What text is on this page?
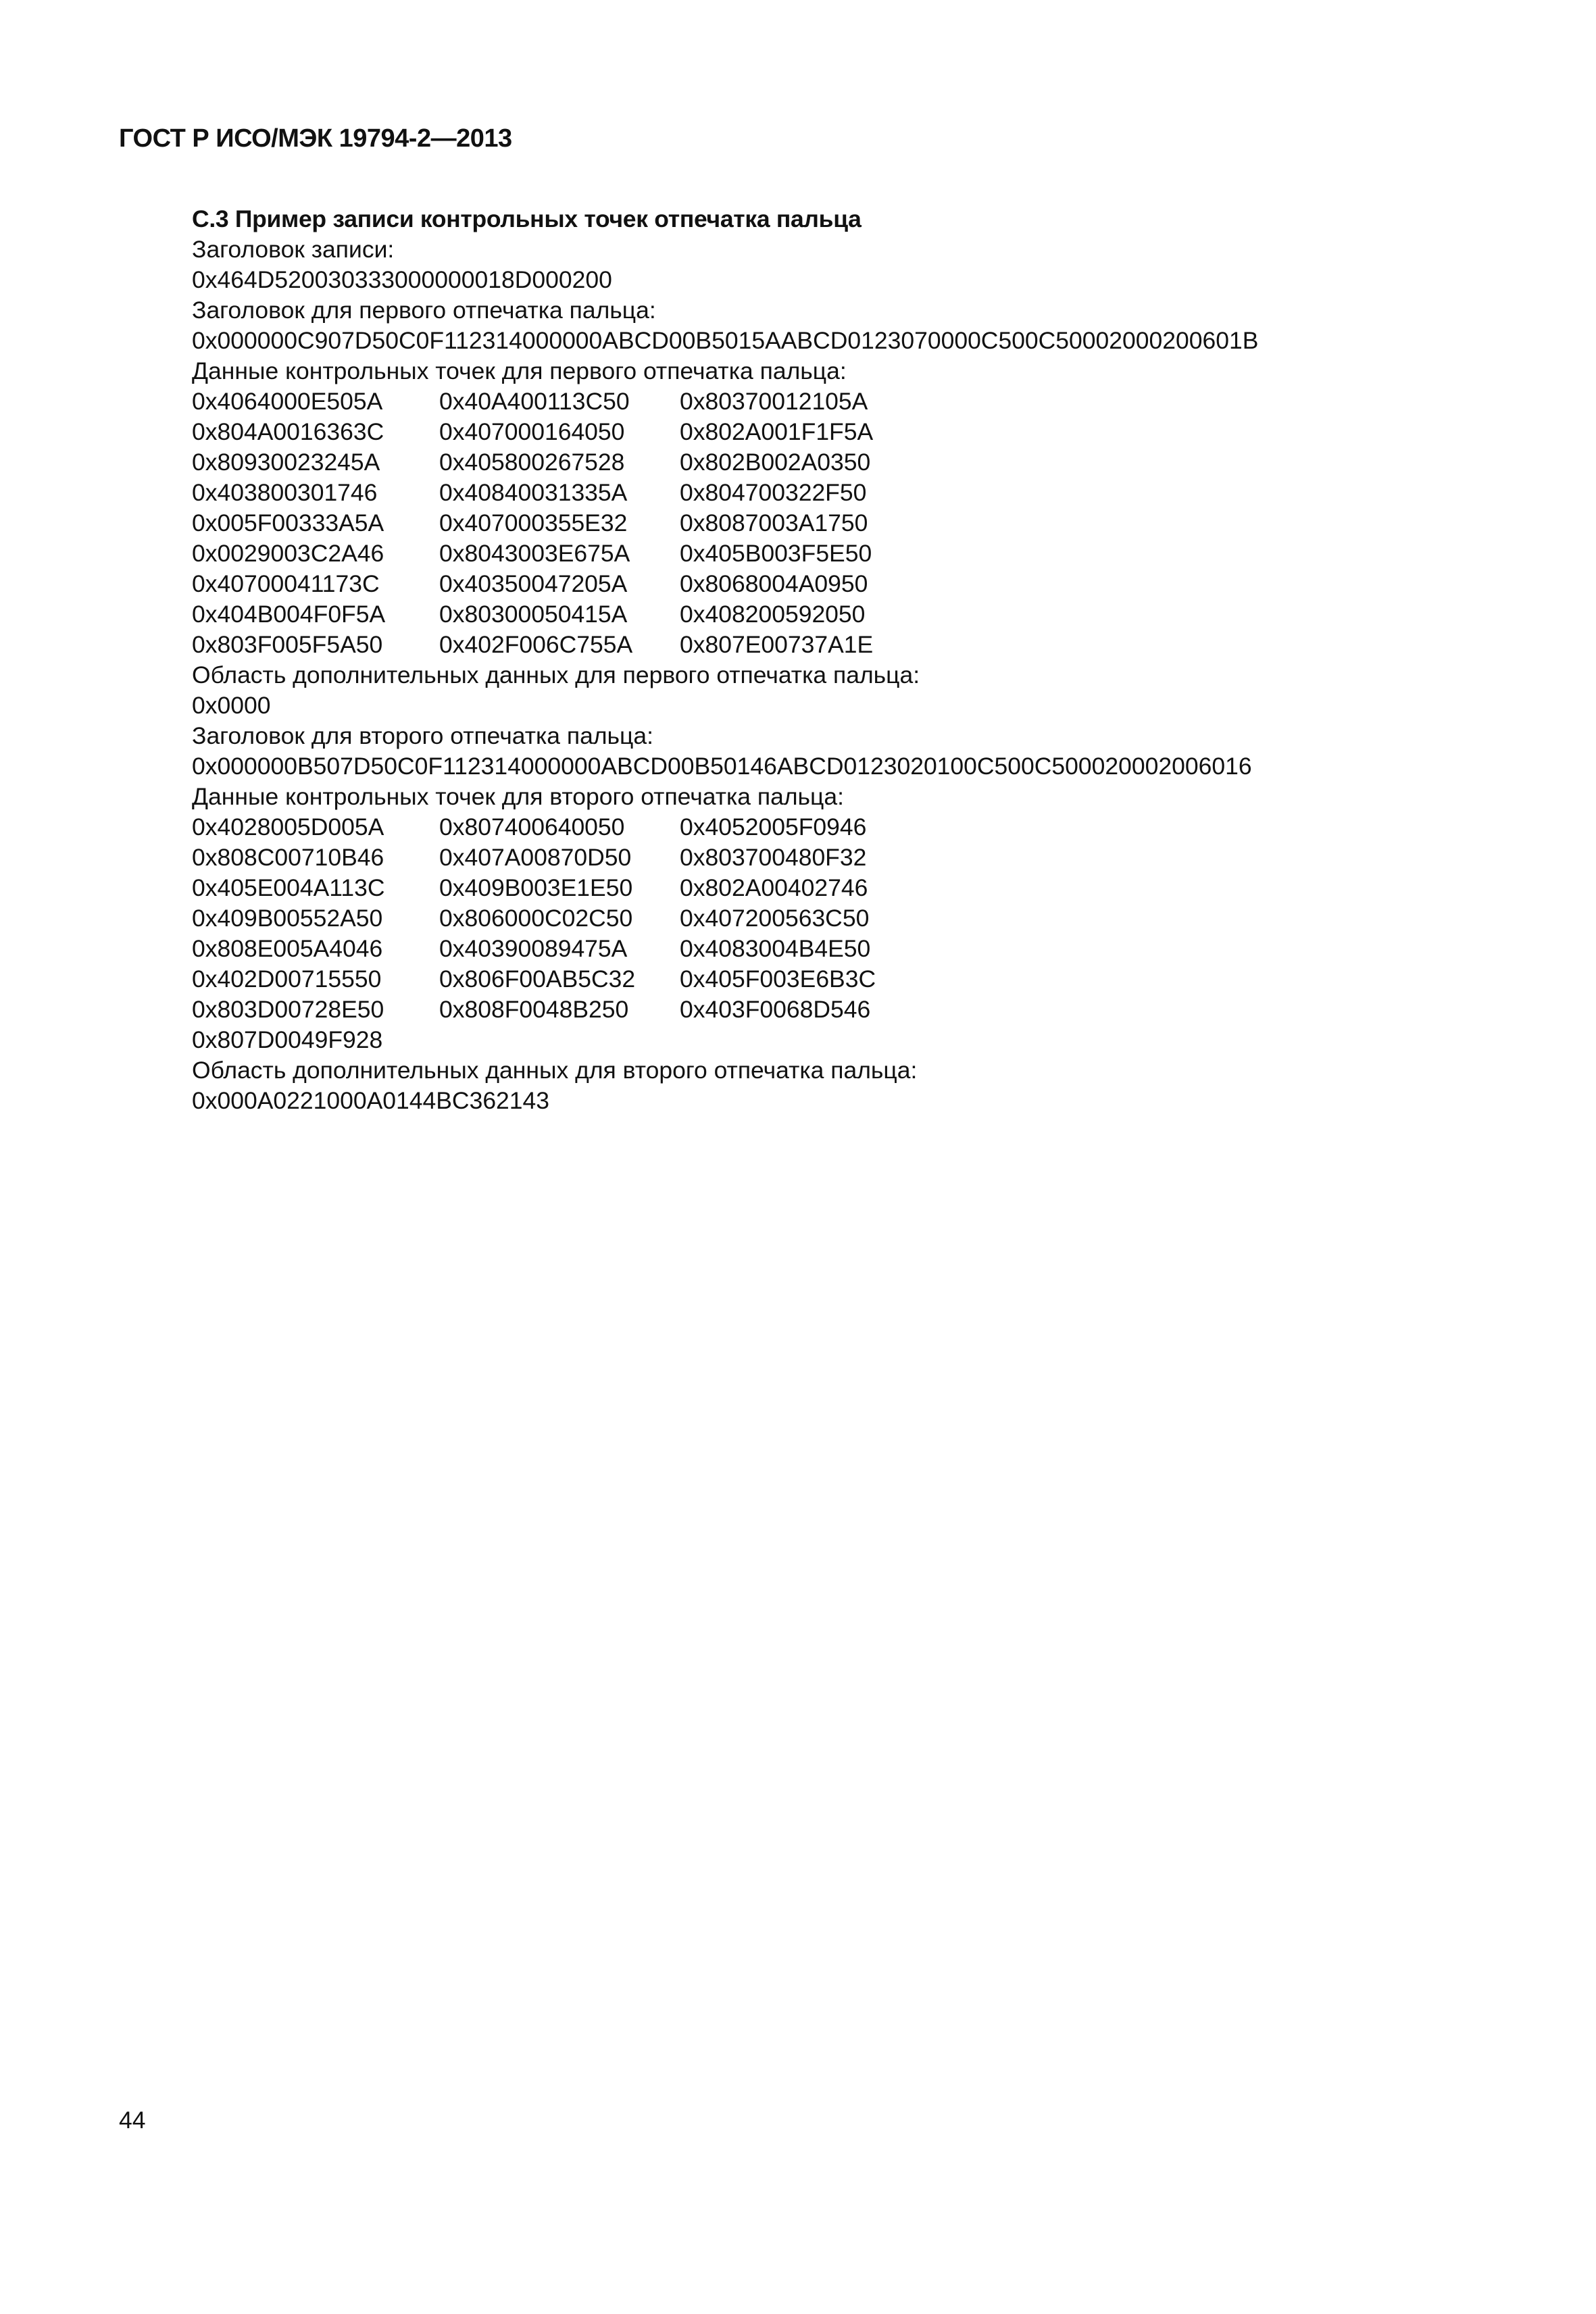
ГОСТ Р ИСО/МЭК 19794-2—2013
С.3 Пример записи контрольных точек отпечатка пальца
Заголовок записи:
0x464D520030333000000018D000200
Заголовок для первого отпечатка пальца:
0x000000C907D50C0F112314000000ABCD00B5015AABCD0123070000C500C50002000200601B
Данные контрольных точек для первого отпечатка пальца:
0x4064000E505A	0x40A400113C50	0x80370012105A
0x804A0016363C	0x407000164050	0x802A001F1F5A
0x80930023245A	0x405800267528	0x802B002A0350
0x403800301746	0x40840031335A	0x804700322F50
0x005F00333A5A	0x407000355E32	0x8087003A1750
0x0029003C2A46	0x8043003E675A	0x405B003F5E50
0x40700041173C	0x40350047205A	0x8068004A0950
0x404B004F0F5A	0x80300050415A	0x408200592050
0x803F005F5A50	0x402F006C755A	0x807E00737A1E
Область дополнительных данных для первого отпечатка пальца:
0x0000
Заголовок для второго отпечатка пальца:
0x000000B507D50C0F112314000000ABCD00B50146ABCD0123020100C500C500020002006016
Данные контрольных точек для второго отпечатка пальца:
0x4028005D005A	0x807400640050	0x4052005F0946
0x808C00710B46	0x407A00870D50	0x803700480F32
0x405E004A113C	0x409B003E1E50	0x802A00402746
0x409B00552A50	0x806000C02C50	0x407200563C50
0x808E005A4046	0x40390089475A	0x4083004B4E50
0x402D00715550	0x806F00AB5C32	0x405F003E6B3C
0x803D00728E50	0x808F0048B250	0x403F0068D546
0x807D0049F928
Область дополнительных данных для второго отпечатка пальца:
0x000A0221000A0144BC362143
44
